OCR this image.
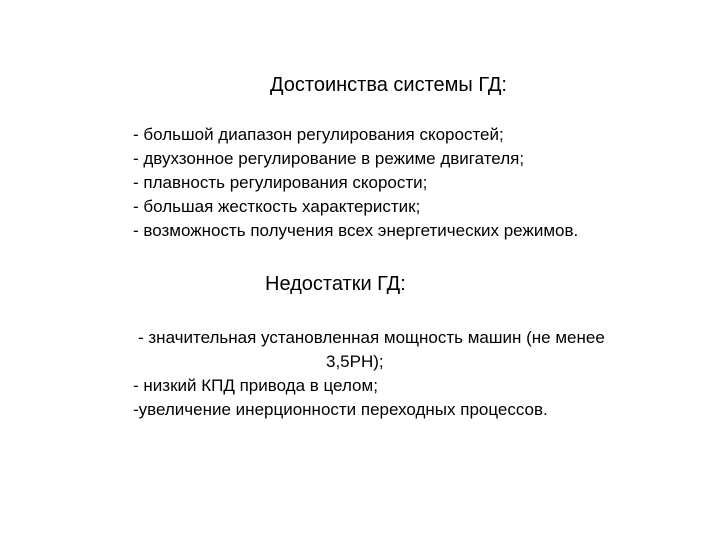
Достоинства системы ГД:
- большой диапазон регулирования скоростей;
- двухзонное регулирование в режиме двигателя;
- плавность регулирования скорости;
- большая жесткость характеристик;
- возможность получения всех энергетических режимов.
Недостатки ГД:
- значительная установленная мощность машин (не менее
3,5PH);
- низкий КПД привода в целом;
-увеличение инерционности переходных процессов.
